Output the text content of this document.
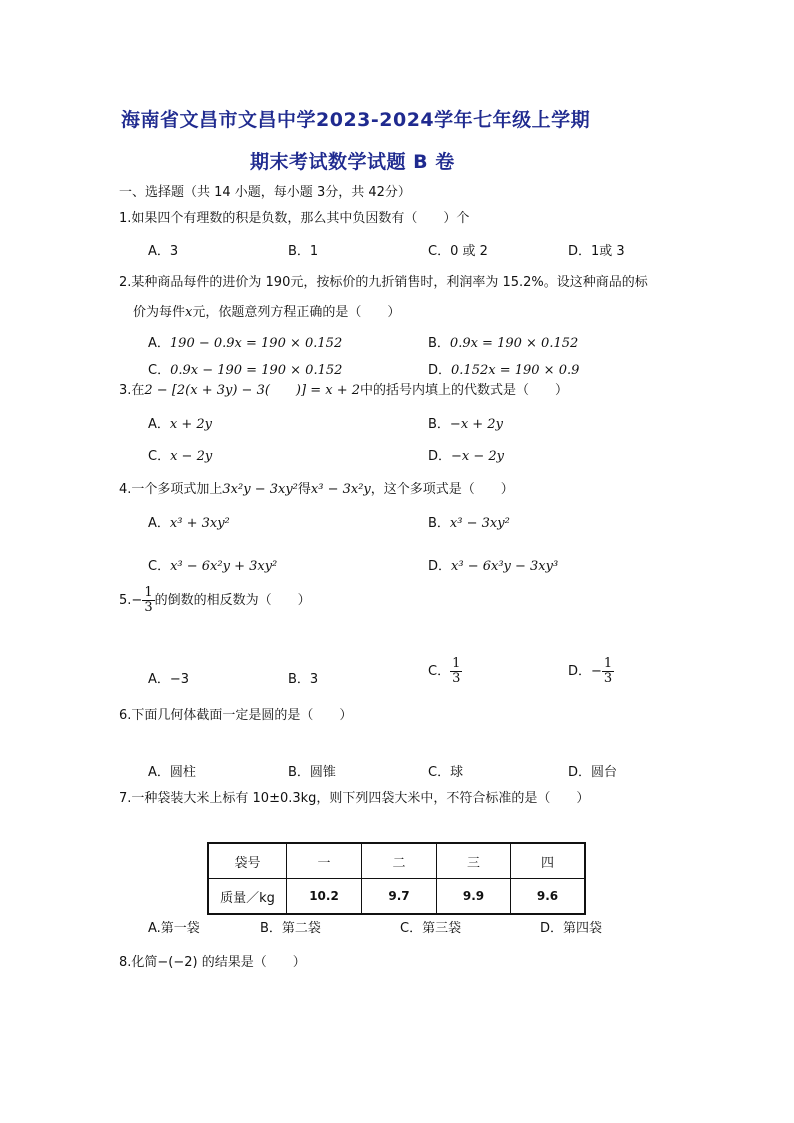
海南省文昌市文昌中学2023-2024学年七年级上学期
期末考试数学试题 B 卷
一、选择题（共 14 小题，每小题 3分，共 42分）
1.如果四个有理数的积是负数，那么其中负因数有（　　）个
A．3	B．1	C．0 或 2	D．1或 3
2.某种商品每件的进价为 190元，按标价的九折销售时，利润率为 15.2%。设这种商品的标
价为每件x元，依题意列方程正确的是（　　）
A．190 − 0.9x = 190 × 0.152	B．0.9x = 190 × 0.152
C．0.9x − 190 = 190 × 0.152	D．0.152x = 190 × 0.9
3.在2 − [2(x + 3y) − 3(　　)] = x + 2中的括号内填上的代数式是（　　）
A．x + 2y	B．−x + 2y
C．x − 2y	D．−x − 2y
4.一个多项式加上3x²y − 3xy²得x³ − 3x²y，这个多项式是（　　）
A．x³ + 3xy²	B．x³ − 3xy²
C．x³ − 6x²y + 3xy²	D．x³ − 6x³y − 3xy³
$5.- \frac{1}{3}$ 的倒数的相反数为（　　）
A．−3	B．3
C． $\frac{1}{3}$	D．− $\frac{1}{3}$
6.下面几何体截面一定是圆的是（　　）
A．圆柱	B．圆锥	C．球	D．圆台
7.一种袋装大米上标有 10±0.3kg，则下列四袋大米中，不符合标准的是（　　）
袋号	一	二	三	四
质量／kg	10.2	9.7	9.9	9.6
A.第一袋	B．第二袋	C．第三袋	D．第四袋
8.化简−(−2) 的结果是（　　）
